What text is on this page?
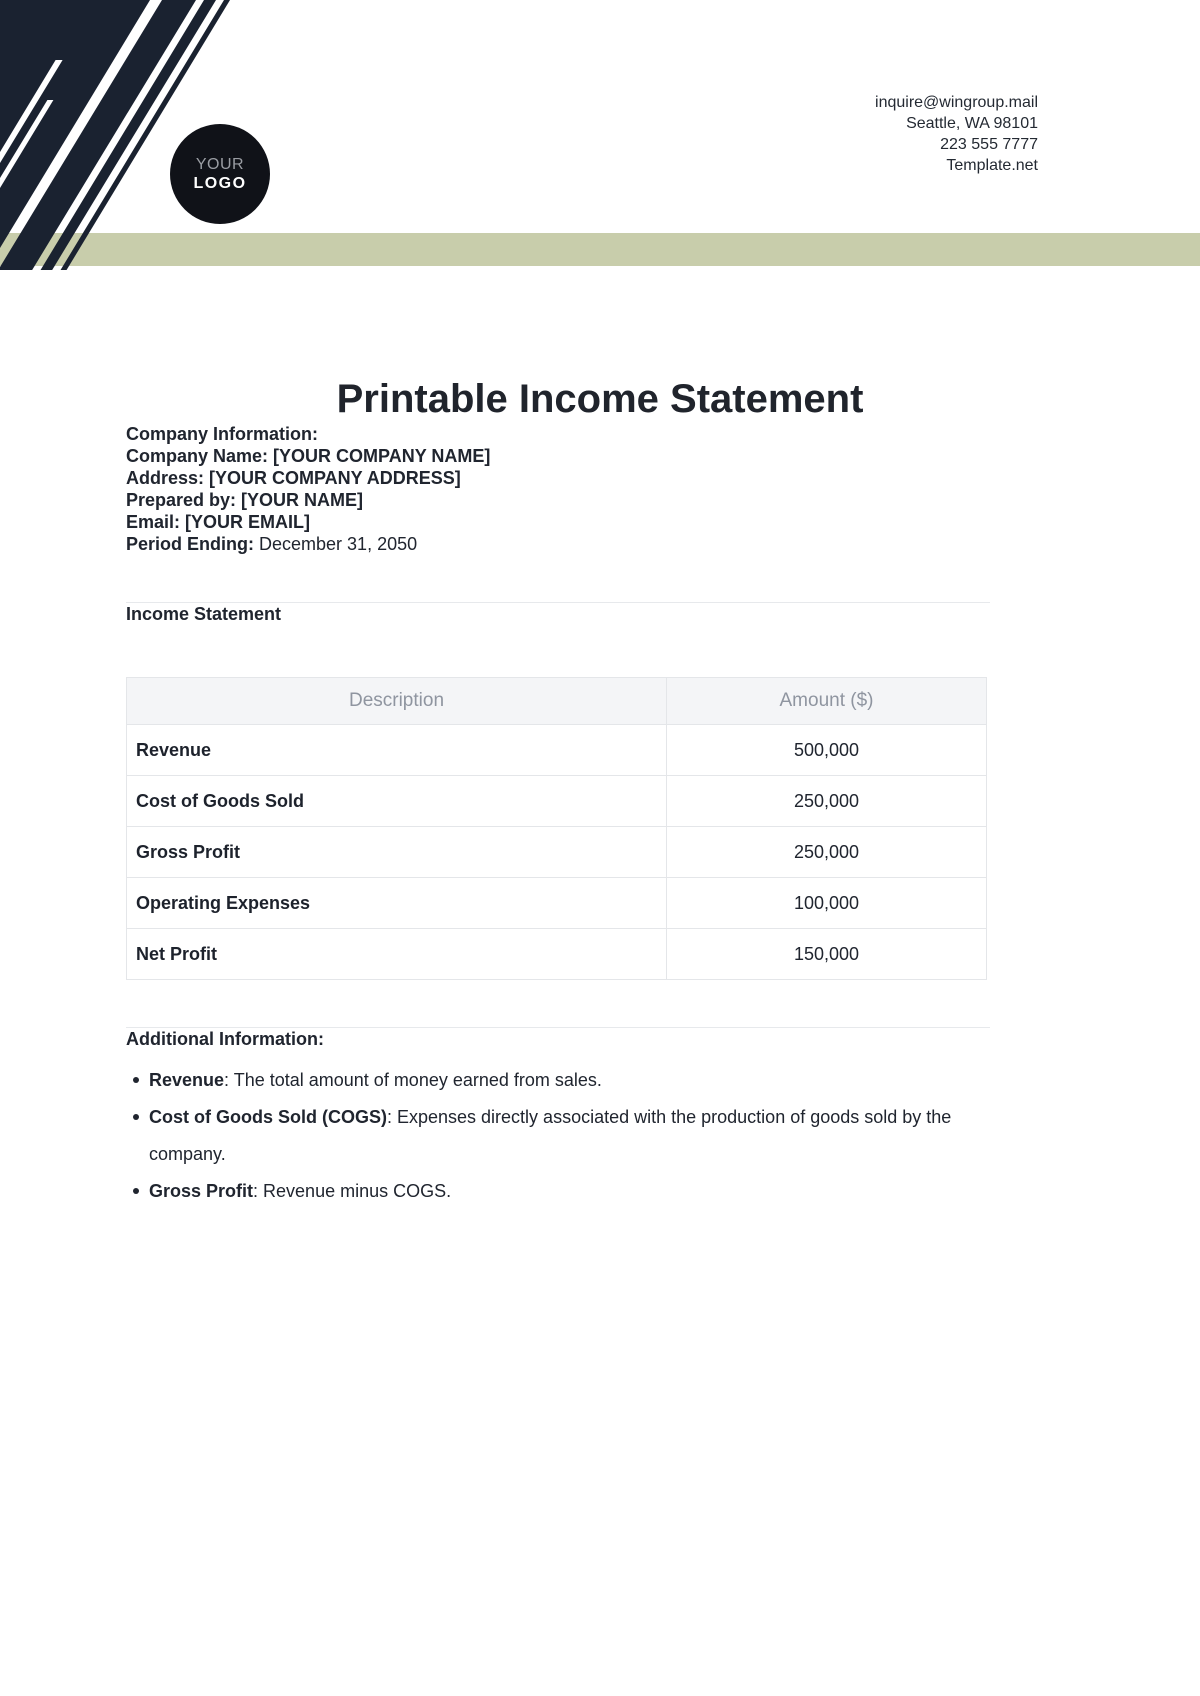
YOUR
LOGO
inquire@wingroup.mail
Seattle, WA 98101
223 555 7777
Template.net
Printable Income Statement

Company Information:

Company Name: [YOUR COMPANY NAME]

Address: [YOUR COMPANY ADDRESS]

Prepared by: [YOUR NAME]

Email: [YOUR EMAIL]

Period Ending: December 31, 2050

Income Statement

Description	Amount ($)
Revenue	500,000
Cost of Goods Sold	250,000
Gross Profit	250,000
Operating Expenses	100,000
Net Profit	150,000

Additional Information:

Revenue: The total amount of money earned from sales.
Cost of Goods Sold (COGS): Expenses directly associated with the production of goods sold by the company.
Gross Profit: Revenue minus COGS.
